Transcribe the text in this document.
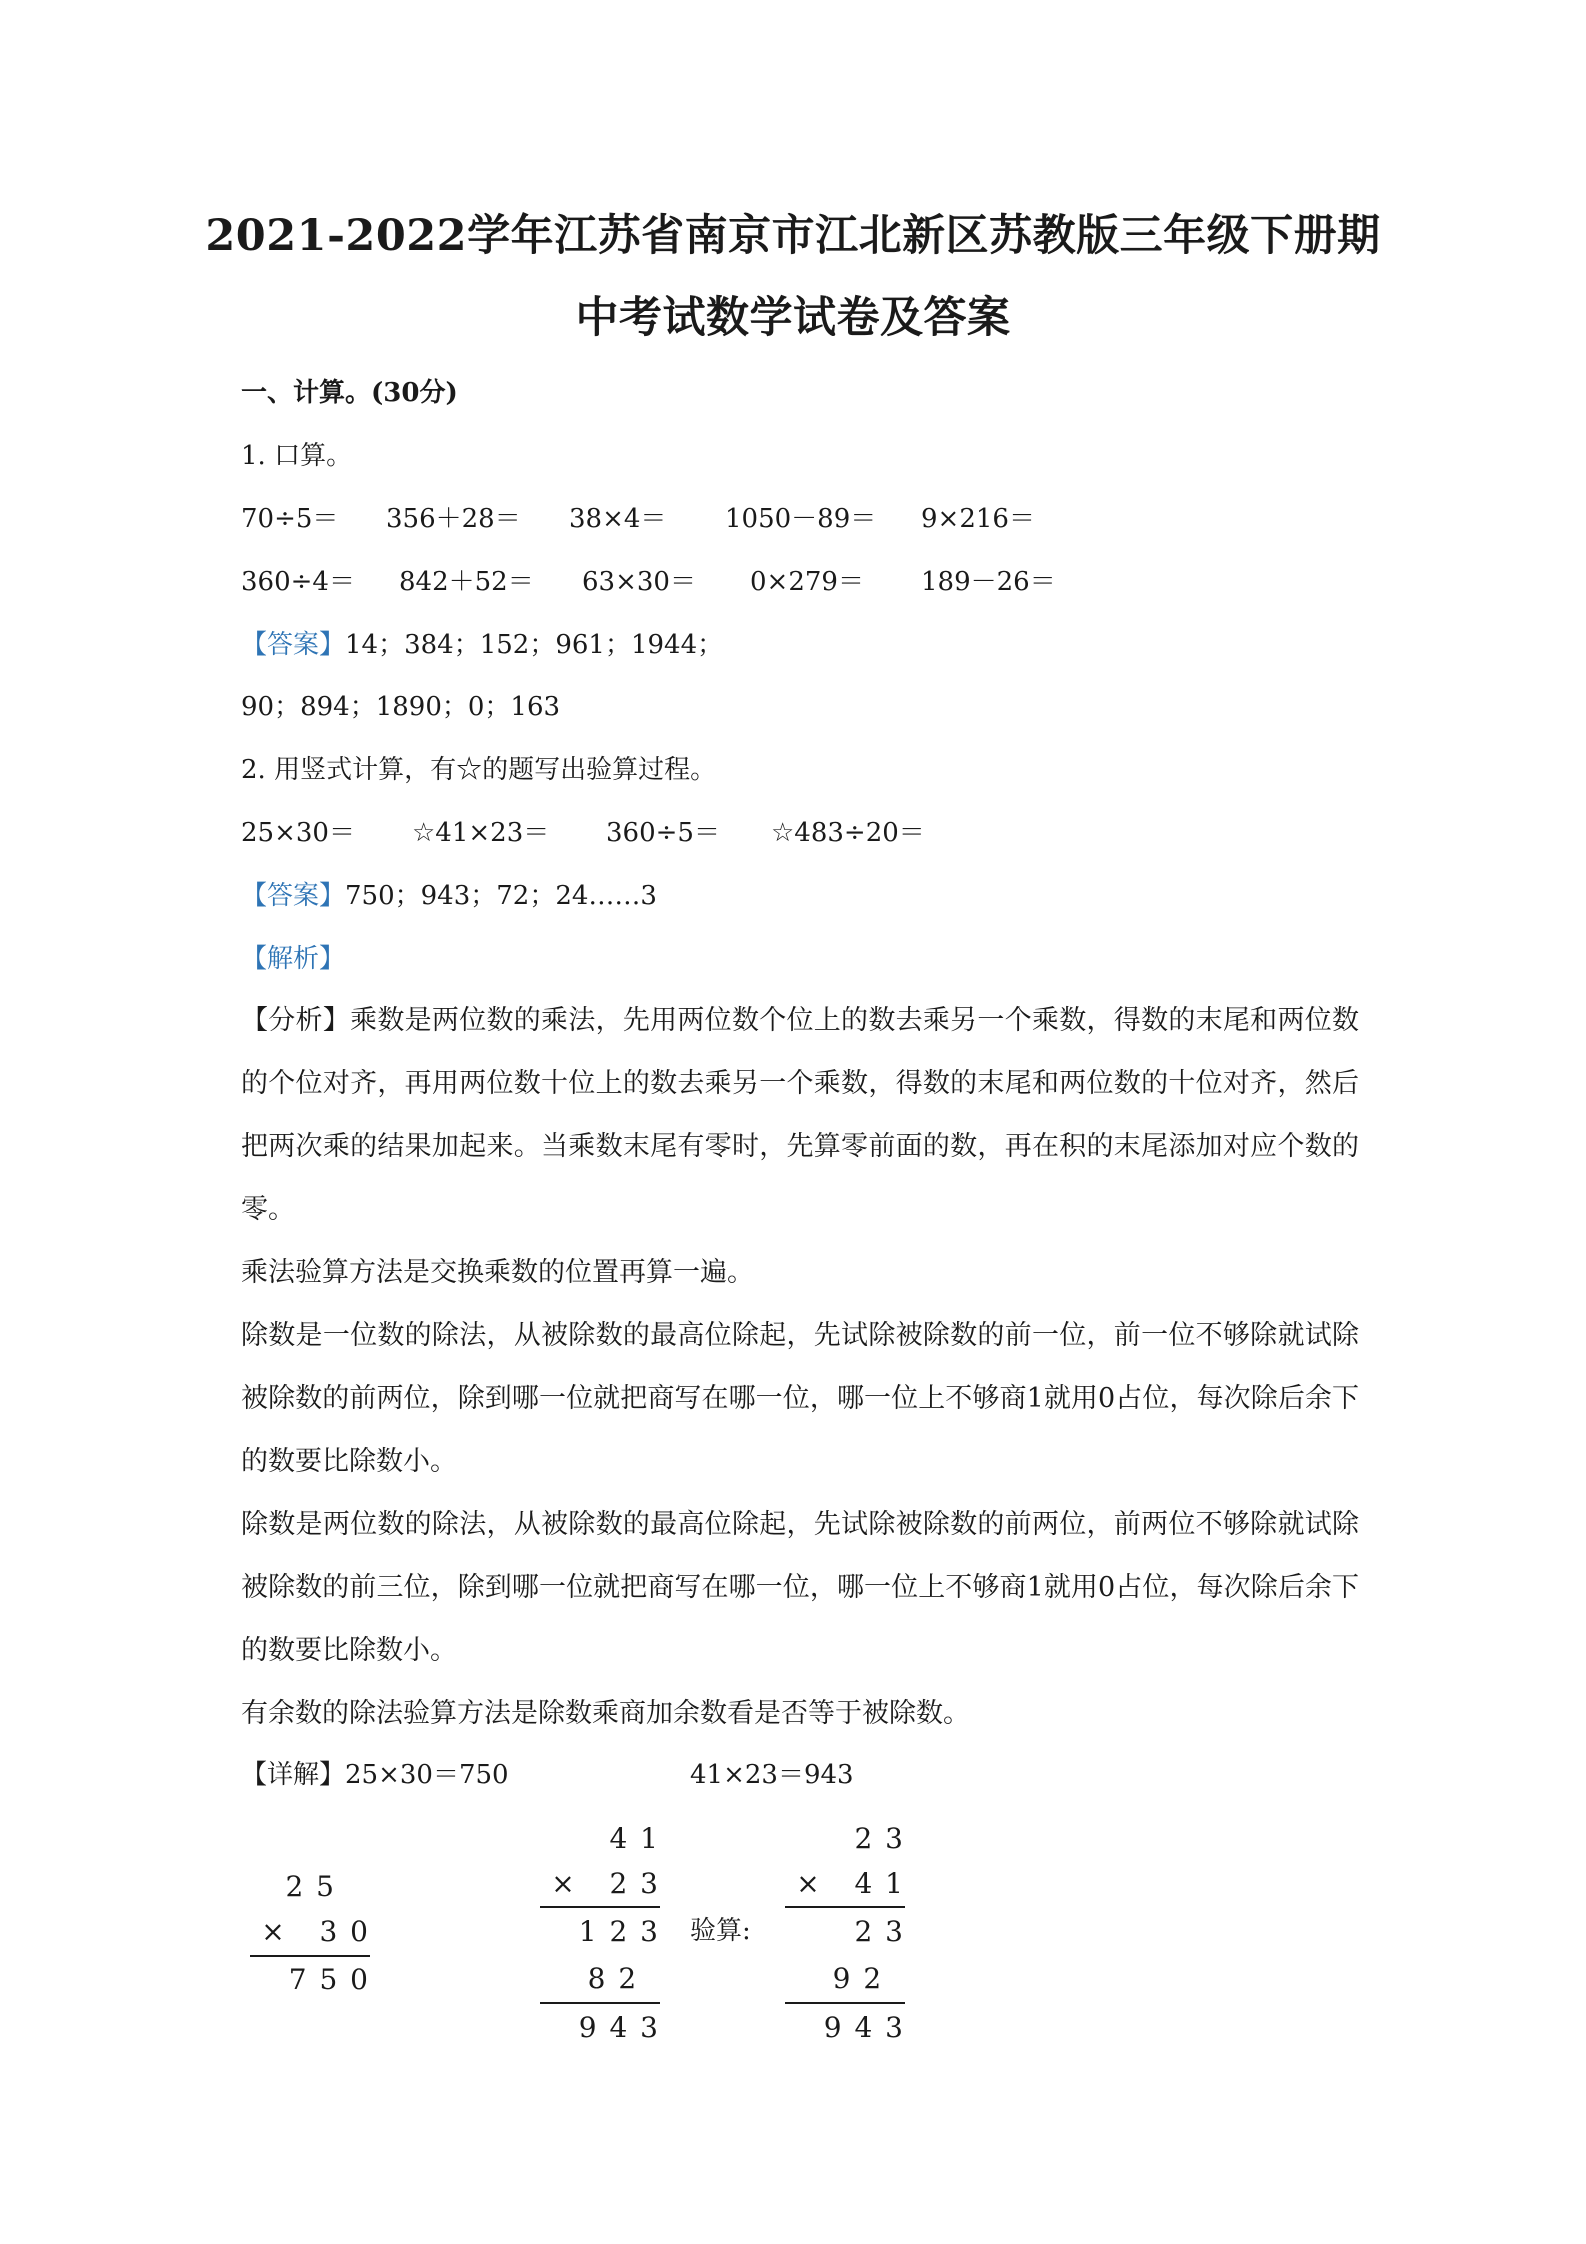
2021-2022学年江苏省南京市江北新区苏教版三年级下册期
中考试数学试卷及答案
一、计算。(30分)
1. 口算。
70÷5＝ 356＋28＝ 38×4＝ 1050－89＝ 9×216＝
360÷4＝ 842＋52＝ 63×30＝ 0×279＝ 189－26＝
【答案】14；384；152；961；1944；
90；894；1890；0；163
2. 用竖式计算，有☆的题写出验算过程。
25×30＝ ☆41×23＝ 360÷5＝ ☆483÷20＝
【答案】750；943；72；24……3
【解析】
【分析】乘数是两位数的乘法，先用两位数个位上的数去乘另一个乘数，得数的末尾和两位数的个位对齐，再用两位数十位上的数去乘另一个乘数，得数的末尾和两位数的十位对齐，然后把两次乘的结果加起来。当乘数末尾有零时，先算零前面的数，再在积的末尾添加对应个数的零。
乘法验算方法是交换乘数的位置再算一遍。
除数是一位数的除法，从被除数的最高位除起，先试除被除数的前一位，前一位不够除就试除被除数的前两位，除到哪一位就把商写在哪一位，哪一位上不够商1就用0占位，每次除后余下的数要比除数小。
除数是两位数的除法，从被除数的最高位除起，先试除被除数的前两位，前两位不够除就试除被除数的前三位，除到哪一位就把商写在哪一位，哪一位上不够商1就用0占位，每次除后余下的数要比除数小。
有余数的除法验算方法是除数乘商加余数看是否等于被除数。
【详解】25×30＝750	41×23＝943
2 5
×   3 0
7 5 0
4 1
×   2 3
1 2 3
8 2
9 4 3
验算:
2 3
×   4 1
2 3
9 2
9 4 3
